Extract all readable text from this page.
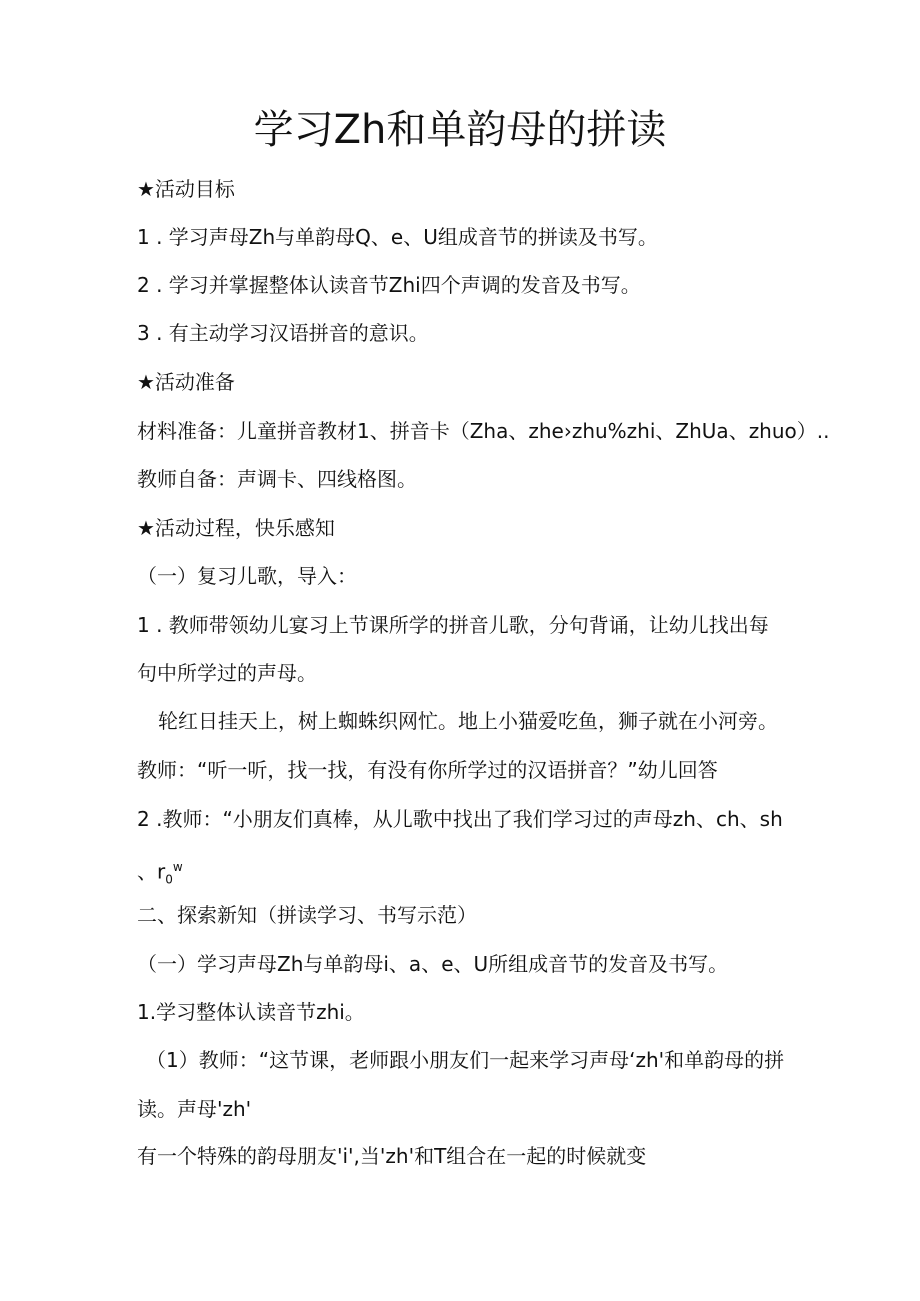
学习Zh和单韵母的拼读

★活动目标

1 . 学习声母Zh与单韵母Q、e、U组成音节的拼读及书写。

2 . 学习并掌握整体认读音节Zhi四个声调的发音及书写。

3 . 有主动学习汉语拼音的意识。

★活动准备

材料准备：儿童拼音教材1、拼音卡（Zha、zhe›zhu%zhi、ZhUa、zhuo）..

教师自备：声调卡、四线格图。

★活动过程，快乐感知

（一）复习儿歌，导入：

1 . 教师带领幼儿宴习上节课所学的拼音儿歌，分句背诵，让幼儿找出每

句中所学过的声母。

轮红日挂天上，树上蜘蛛织网忙。地上小猫爱吃鱼，狮子就在小河旁。

教师：“听一听，找一找，有没有你所学过的汉语拼音？”幼儿回答

2 .教师：“小朋友们真棒，从儿歌中找出了我们学习过的声母zh、ch、sh

、$r_0^w$

二、探索新知（拼读学习、书写示范）

（一）学习声母Zh与单韵母i、a、e、U所组成音节的发音及书写。

1.学习整体认读音节zhi。

（1）教师：“这节课，老师跟小朋友们一起来学习声母‘zh'和单韵母的拼

读。声母'zh'

有一个特殊的韵母朋友'i',当'zh'和T组合在一起的时候就变
